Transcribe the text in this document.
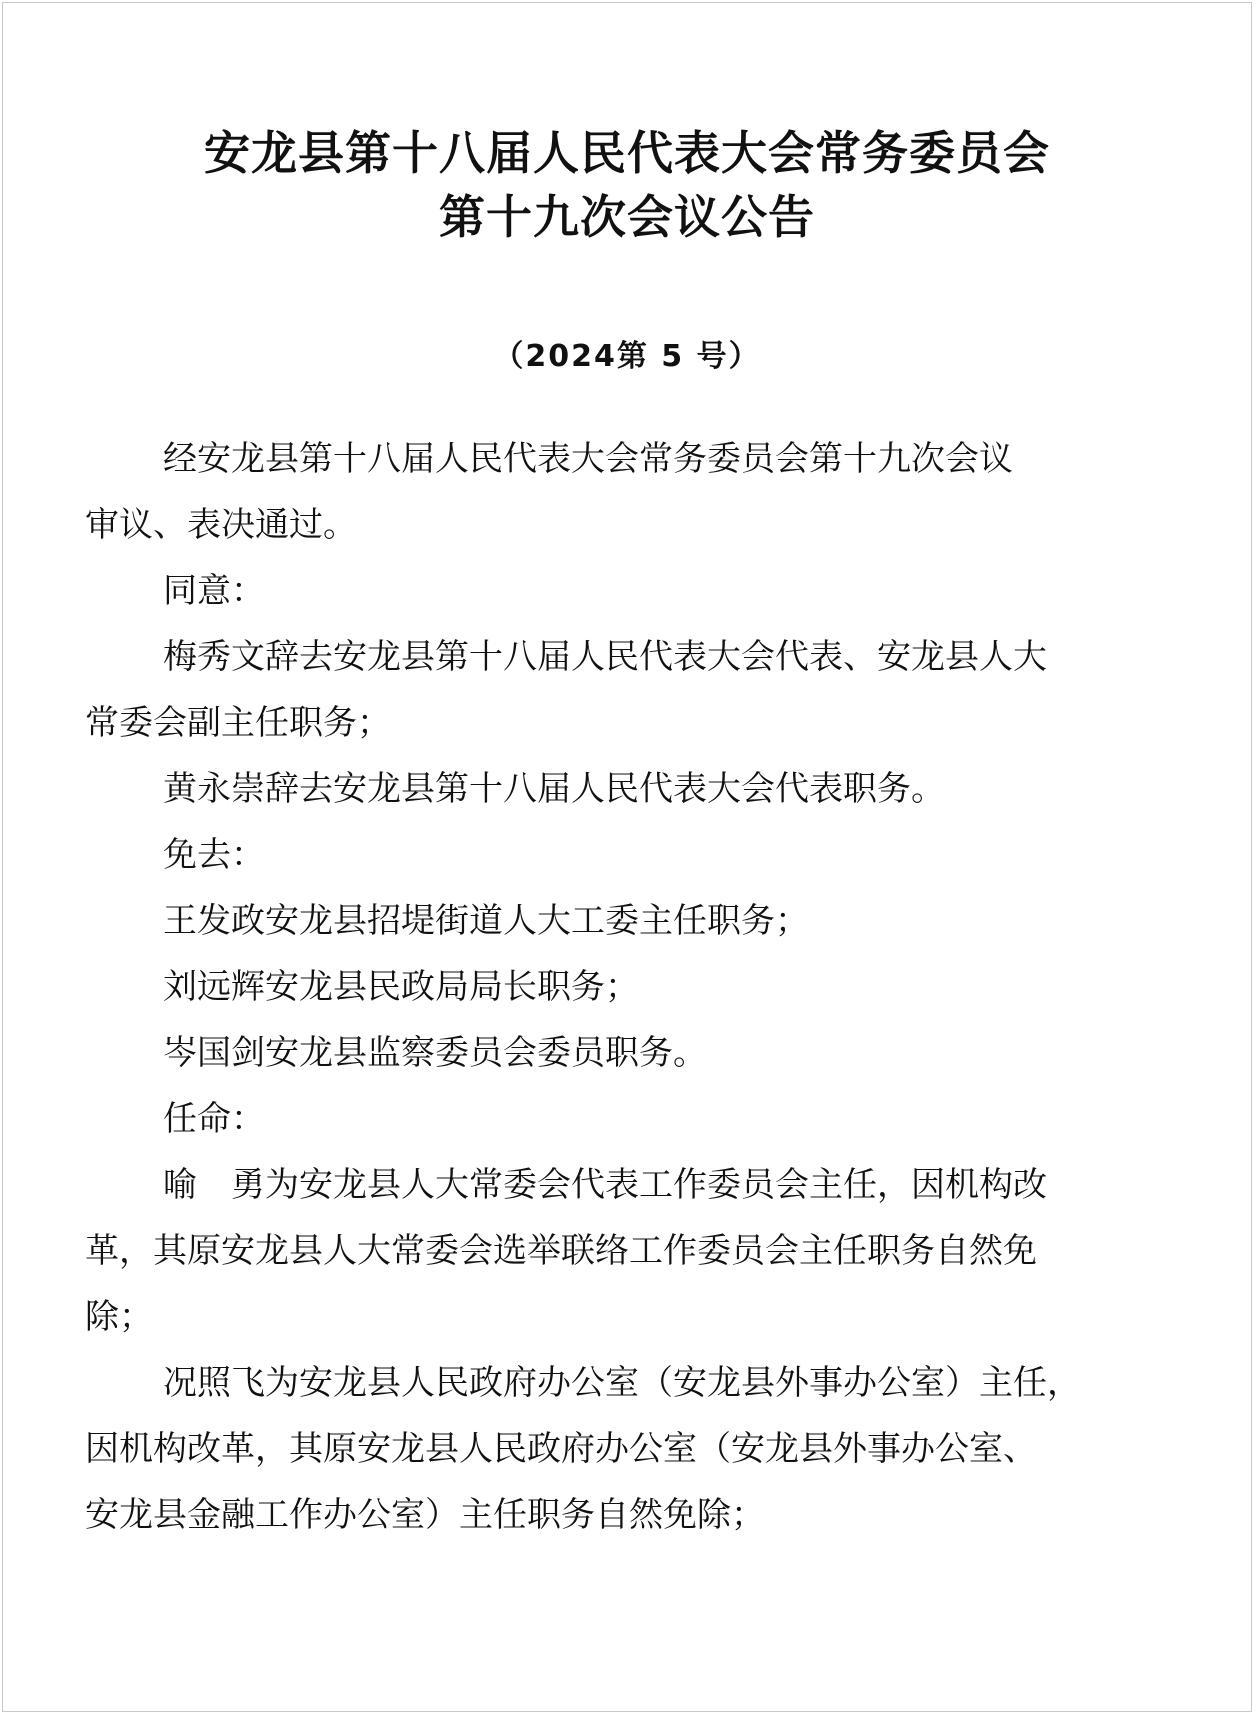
安龙县第十八届人民代表大会常务委员会
第十九次会议公告
（2024第 5 号）
经安龙县第十八届人民代表大会常务委员会第十九次会议
审议、表决通过。
同意：
梅秀文辞去安龙县第十八届人民代表大会代表、安龙县人大
常委会副主任职务；
黄永崇辞去安龙县第十八届人民代表大会代表职务。
免去：
王发政安龙县招堤街道人大工委主任职务；
刘远辉安龙县民政局局长职务；
岑国剑安龙县监察委员会委员职务。
任命：
喻　勇为安龙县人大常委会代表工作委员会主任，因机构改
革，其原安龙县人大常委会选举联络工作委员会主任职务自然免
除；
况照飞为安龙县人民政府办公室（安龙县外事办公室）主任，
因机构改革，其原安龙县人民政府办公室（安龙县外事办公室、
安龙县金融工作办公室）主任职务自然免除；
